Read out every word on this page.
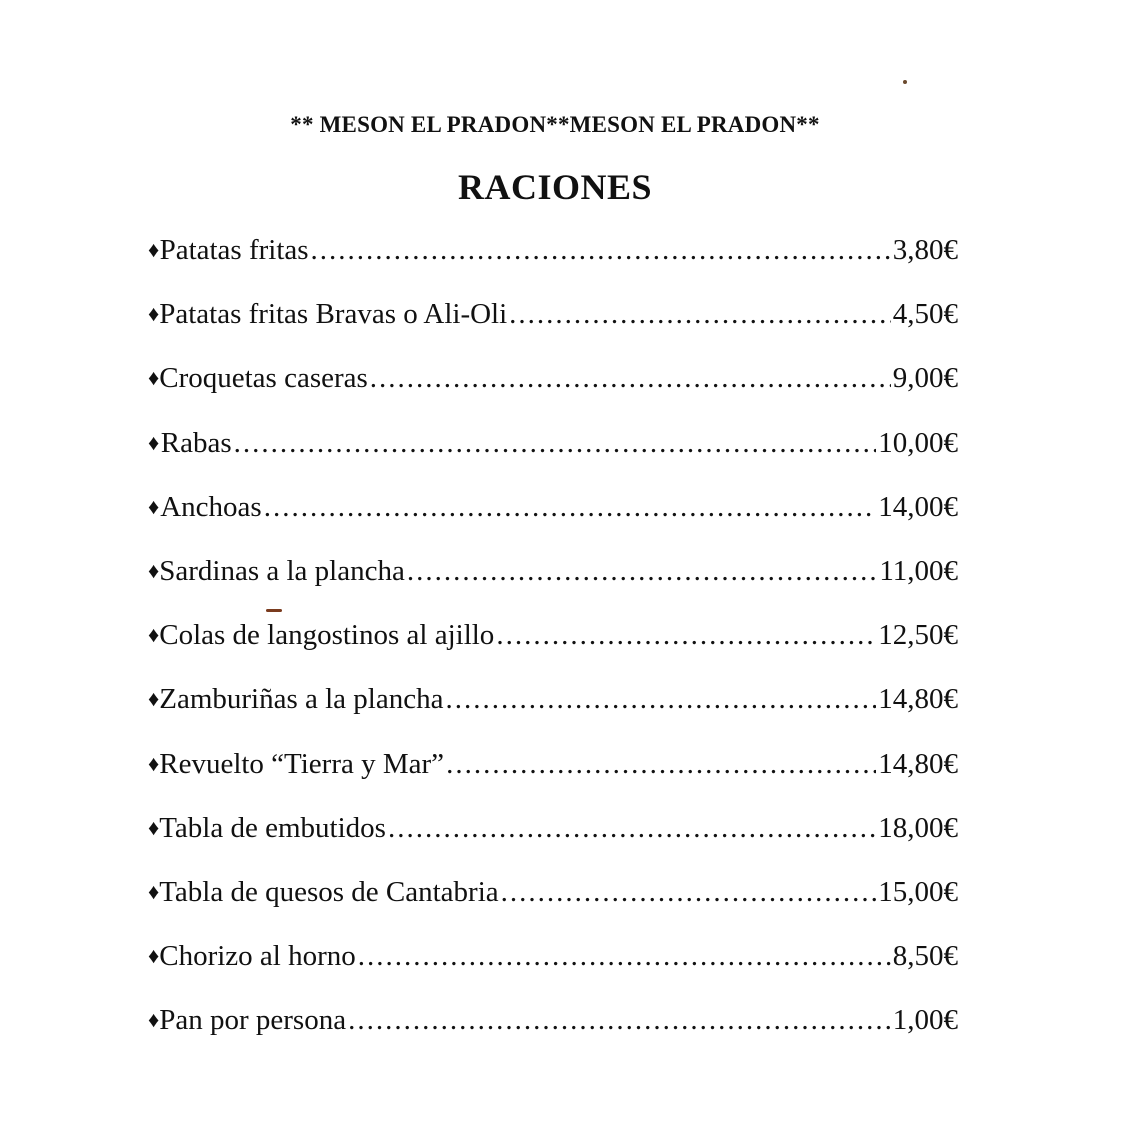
** MESON EL PRADON**MESON EL PRADON**
RACIONES
♦ Patatas fritas .....	3,80€
♦ Patatas fritas Bravas o Ali-Oli .....	4,50€
♦ Croquetas caseras .....	9,00€
♦ Rabas .....	10,00€
♦ Anchoas .....	14,00€
♦ Sardinas a la plancha .....	11,00€
♦ Colas de langostinos al ajillo .....	12,50€
♦ Zamburiñas a la plancha .....	14,80€
♦ Revuelto “Tierra y Mar” .....	14,80€
♦ Tabla de embutidos .....	18,00€
♦ Tabla de quesos de Cantabria .....	15,00€
♦ Chorizo al horno .....	8,50€
♦ Pan por persona .....	1,00€
